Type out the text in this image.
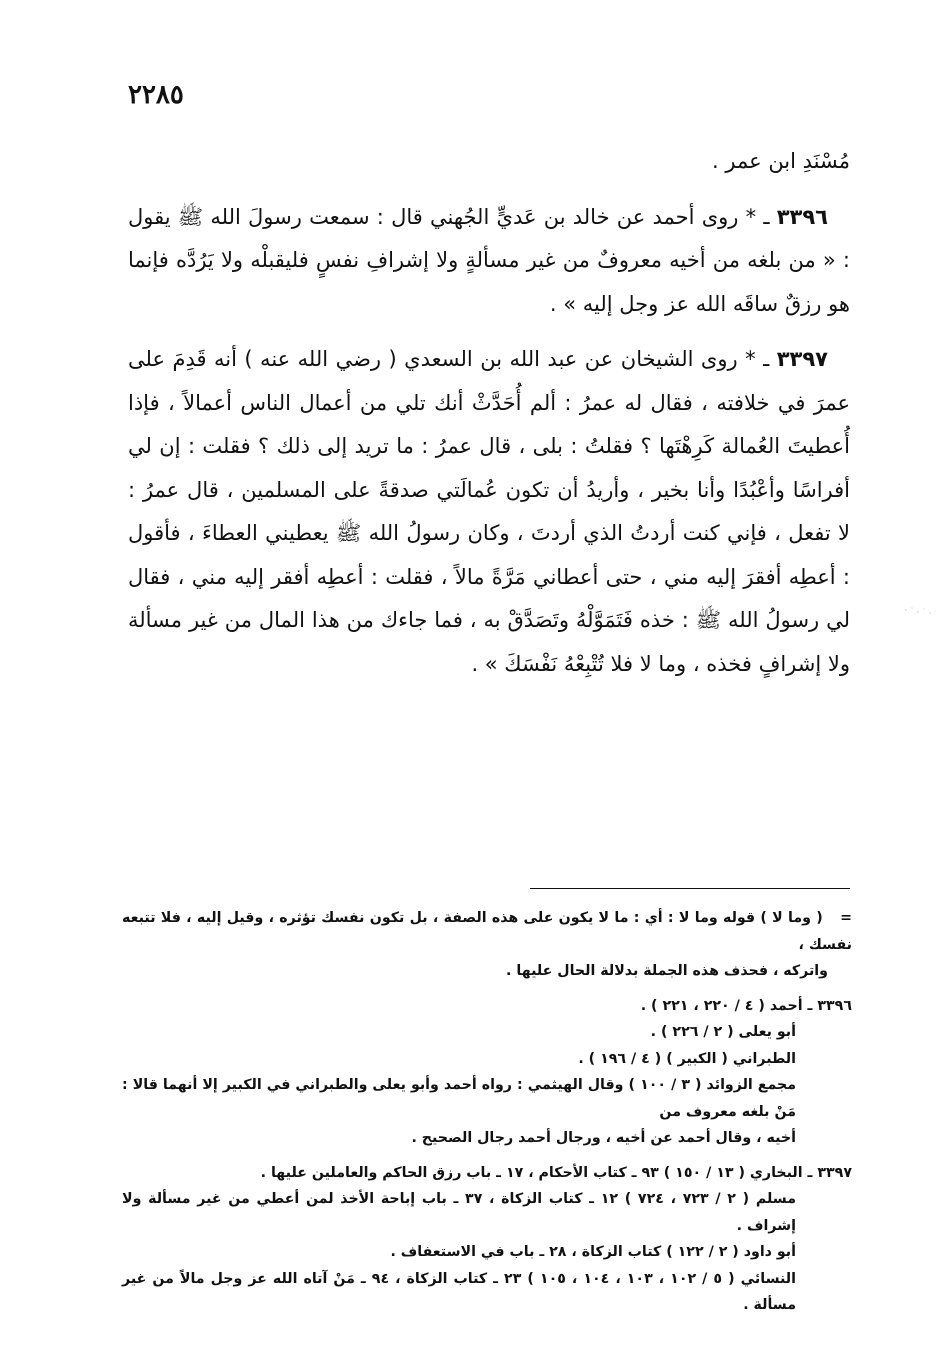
٢٢٨٥

مُسْنَدِ ابن عمر .

٣٣٩٦ ـ * روى أحمد عن خالد بن عَديٍّ الجُهني قال : سمعت رسولَ الله ﷺ يقول : « من بلغه من أخيه معروفٌ من غير مسألةٍ ولا إشرافِ نفسٍ فليقبلْه ولا يَرُدَّه فإنما هو رزقٌ ساقَه الله عز وجل إليه » .

٣٣٩٧ ـ * روى الشيخان عن عبد الله بن السعدي ( رضي الله عنه ) أنه قَدِمَ على عمرَ في خلافته ، فقال له عمرُ : ألم أُحَدَّثْ أنك تلي من أعمال الناس أعمالاً ، فإذا أُعطيتَ العُمالة كَرِهْتَها ؟ فقلتُ : بلى ، قال عمرُ : ما تريد إلى ذلك ؟ فقلت : إن لي أفراسًا وأعْبُدًا وأنا بخير ، وأريدُ أن تكون عُمالَتي صدقةً على المسلمين ، قال عمرُ : لا تفعل ، فإني كنت أردتُ الذي أردتَ ، وكان رسولُ الله ﷺ يعطيني العطاءَ ، فأقول : أعطِه أفقرَ إليه مني ، حتى أعطاني مَرَّةً مالاً ، فقلت : أعطِه أفقر إليه مني ، فقال لي رسولُ الله ﷺ : خذه فَتَمَوَّلْهُ وتَصَدَّقْ به ، فما جاءك من هذا المال من غير مسألة ولا إشرافٍ فخذه ، وما لا فلا تُتْبِعْهُ نَفْسَكَ » .

= ( وما لا ) قوله وما لا : أي : ما لا يكون على هذه الصفة ، بل تكون نفسك تؤثره ، وقيل إليه ، فلا تتبعه نفسك ،

واتركه ، فحذف هذه الجملة بدلالة الحال عليها .

٣٣٩٦ ـ أحمد ( ٤ / ٢٢٠ ، ٢٢١ ) .

أبو يعلى ( ٢ / ٢٢٦ ) .

الطبراني ( الكبير ) ( ٤ / ١٩٦ ) .

مجمع الزوائد ( ٣ / ١٠٠ ) وقال الهيثمي : رواه أحمد وأبو يعلى والطبراني في الكبير إلا أنهما قالا : مَنْ بلغه معروف من

أخيه ، وقال أحمد عن أخيه ، ورجال أحمد رجال الصحيح .

٣٣٩٧ ـ البخاري ( ١٣ / ١٥٠ ) ٩٣ ـ كتاب الأحكام ، ١٧ ـ باب رزق الحاكم والعاملين عليها .

مسلم ( ٢ / ٧٢٣ ، ٧٢٤ ) ١٢ ـ كتاب الزكاة ، ٣٧ ـ باب إباحة الأخذ لمن أعطي من غير مسألة ولا إشراف .

أبو داود ( ٢ / ١٢٢ ) كتاب الزكاة ، ٢٨ ـ باب في الاستعفاف .

النسائي ( ٥ / ١٠٢ ، ١٠٣ ، ١٠٤ ، ١٠٥ ) ٢٣ ـ كتاب الزكاة ، ٩٤ ـ مَنْ آتاه الله عز وجل مالاً من غير مسألة .
